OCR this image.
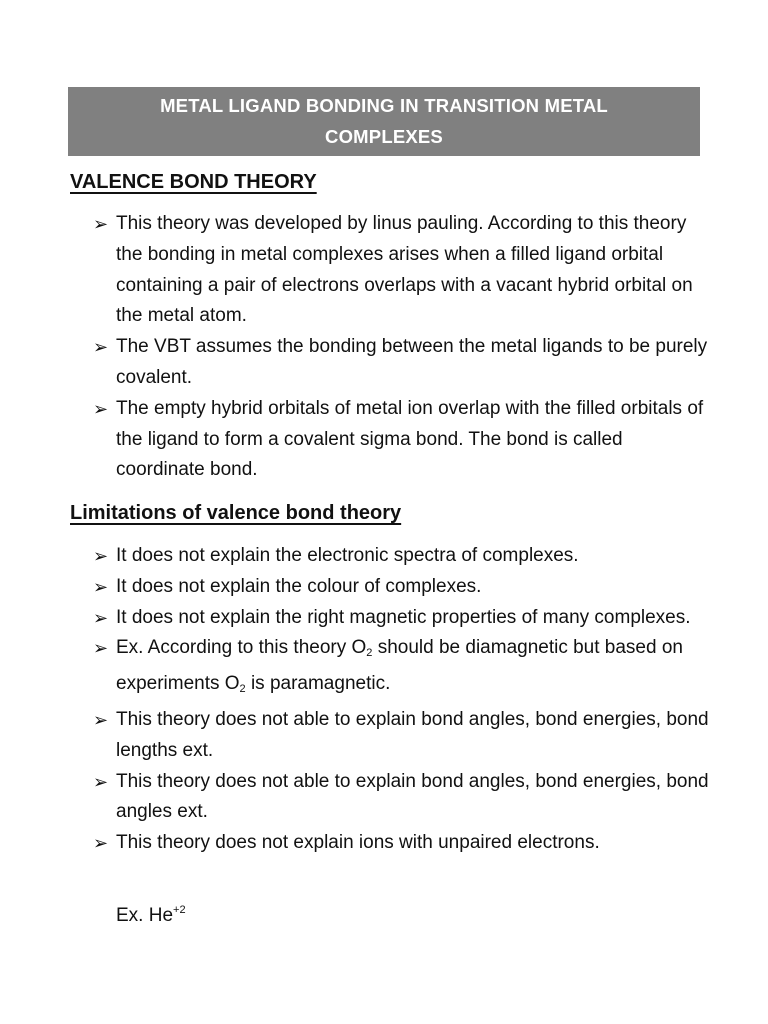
METAL LIGAND BONDING IN TRANSITION METAL
COMPLEXES
VALENCE BOND THEORY
➢ This theory was developed by linus pauling. According to this theory the bonding in metal complexes arises when a filled ligand orbital containing a pair of electrons overlaps with a vacant hybrid orbital on the metal atom.
➢ The VBT assumes the bonding between the metal ligands to be purely covalent.
➢ The empty hybrid orbitals of metal ion overlap with the filled orbitals of the ligand to form a covalent sigma bond. The bond is called coordinate bond.
Limitations of valence bond theory
➢ It does not explain the electronic spectra of complexes.
➢ It does not explain the colour of complexes.
➢ It does not explain the right magnetic properties of many complexes.
➢ Ex. According to this theory $O_2$ should be diamagnetic but based on experiments $O_2$ is paramagnetic.
➢ This theory does not able to explain bond angles, bond energies, bond lengths ext.
➢ This theory does not able to explain bond angles, bond energies, bond angles ext.
➢ This theory does not explain ions with unpaired electrons.
Ex. $He^{+2}$
